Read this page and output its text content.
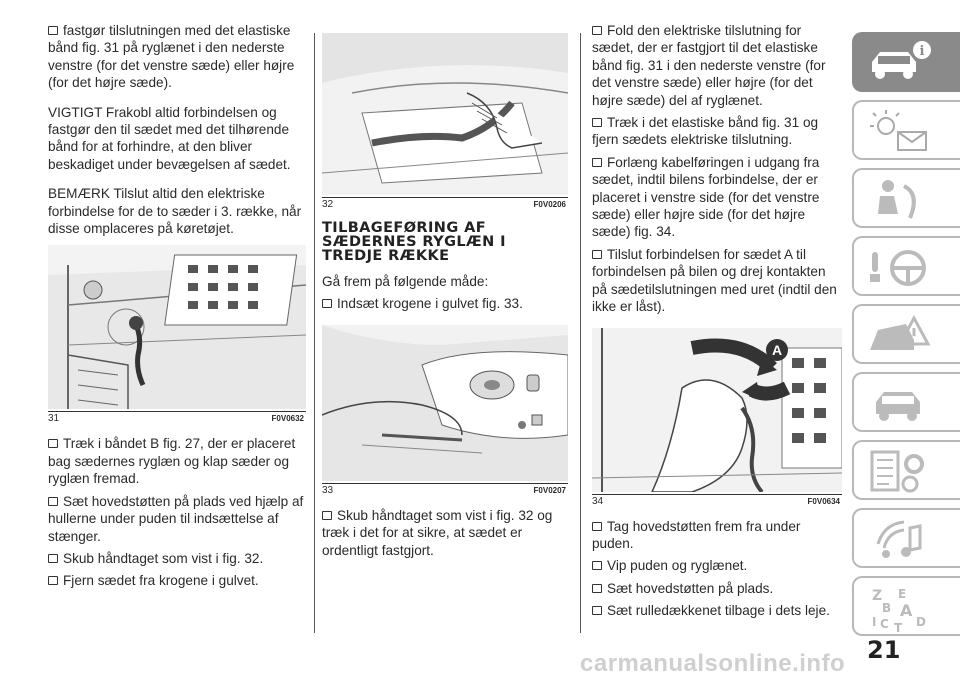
fastgør tilslutningen med det elastiske bånd fig. 31 på ryglænet i den nederste venstre (for det venstre sæde) eller højre (for det højre sæde).
VIGTIGT Frakobl altid forbindelsen og fastgør den til sædet med det tilhørende bånd for at forhindre, at den bliver beskadiget under bevægelsen af sædet.
BEMÆRK Tilslut altid den elektriske forbindelse for de to sæder i 3. række, når disse omplaceres på køretøjet.
31	F0V0632
Træk i båndet B fig. 27, der er placeret bag sædernes ryglæn og klap sæder og ryglæn fremad.
Sæt hovedstøtten på plads ved hjælp af hullerne under puden til indsættelse af stænger.
Skub håndtaget som vist i fig. 32.
Fjern sædet fra krogene i gulvet.
32	F0V0206
TILBAGEFØRING AF SÆDERNES RYGLÆN I TREDJE RÆKKE
Gå frem på følgende måde:
Indsæt krogene i gulvet fig. 33.
33	F0V0207
Skub håndtaget som vist i fig. 32 og træk i det for at sikre, at sædet er ordentligt fastgjort.
Fold den elektriske tilslutning for sædet, der er fastgjort til det elastiske bånd fig. 31 i den nederste venstre (for det venstre sæde) eller højre (for det højre sæde) del af ryglænet.
Træk i det elastiske bånd fig. 31 og fjern sædets elektriske tilslutning.
Forlæng kabelføringen i udgang fra sædet, indtil bilens forbindelse, der er placeret i venstre side (for det venstre sæde) eller højre side (for det højre sæde) fig. 34.
Tilslut forbindelsen for sædet A til forbindelsen på bilen og drej kontakten på sædetilslutningen med uret (indtil den ikke er låst).
A
34	F0V0634
Tag hovedstøtten frem fra under puden.
Vip puden og ryglænet.
Sæt hovedstøtten på plads.
Sæt rulledækkenet tilbage i dets leje.
i
Z E
B A
I C D
T
21
carmanualsonline.info
